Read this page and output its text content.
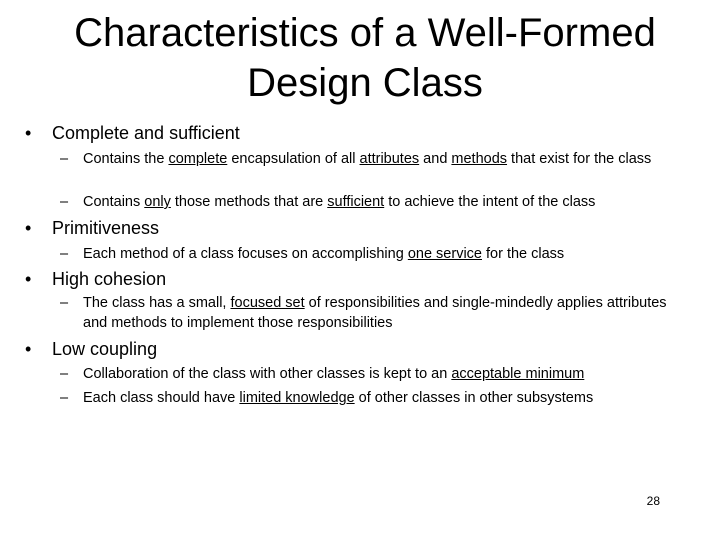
Characteristics of a Well-Formed
Design Class
• Complete and sufficient
–	Contains the complete encapsulation of all attributes and methods that exist for the class
–	Contains only those methods that are sufficient to achieve the intent of the class
• Primitiveness
–	Each method of a class focuses on accomplishing one service for the class
• High cohesion
–	The class has a small, focused set of responsibilities and single-mindedly applies attributes and methods to implement those responsibilities
• Low coupling
–	Collaboration of the class with other classes is kept to an acceptable minimum
–	Each class should have limited knowledge of other classes in other subsystems
28
